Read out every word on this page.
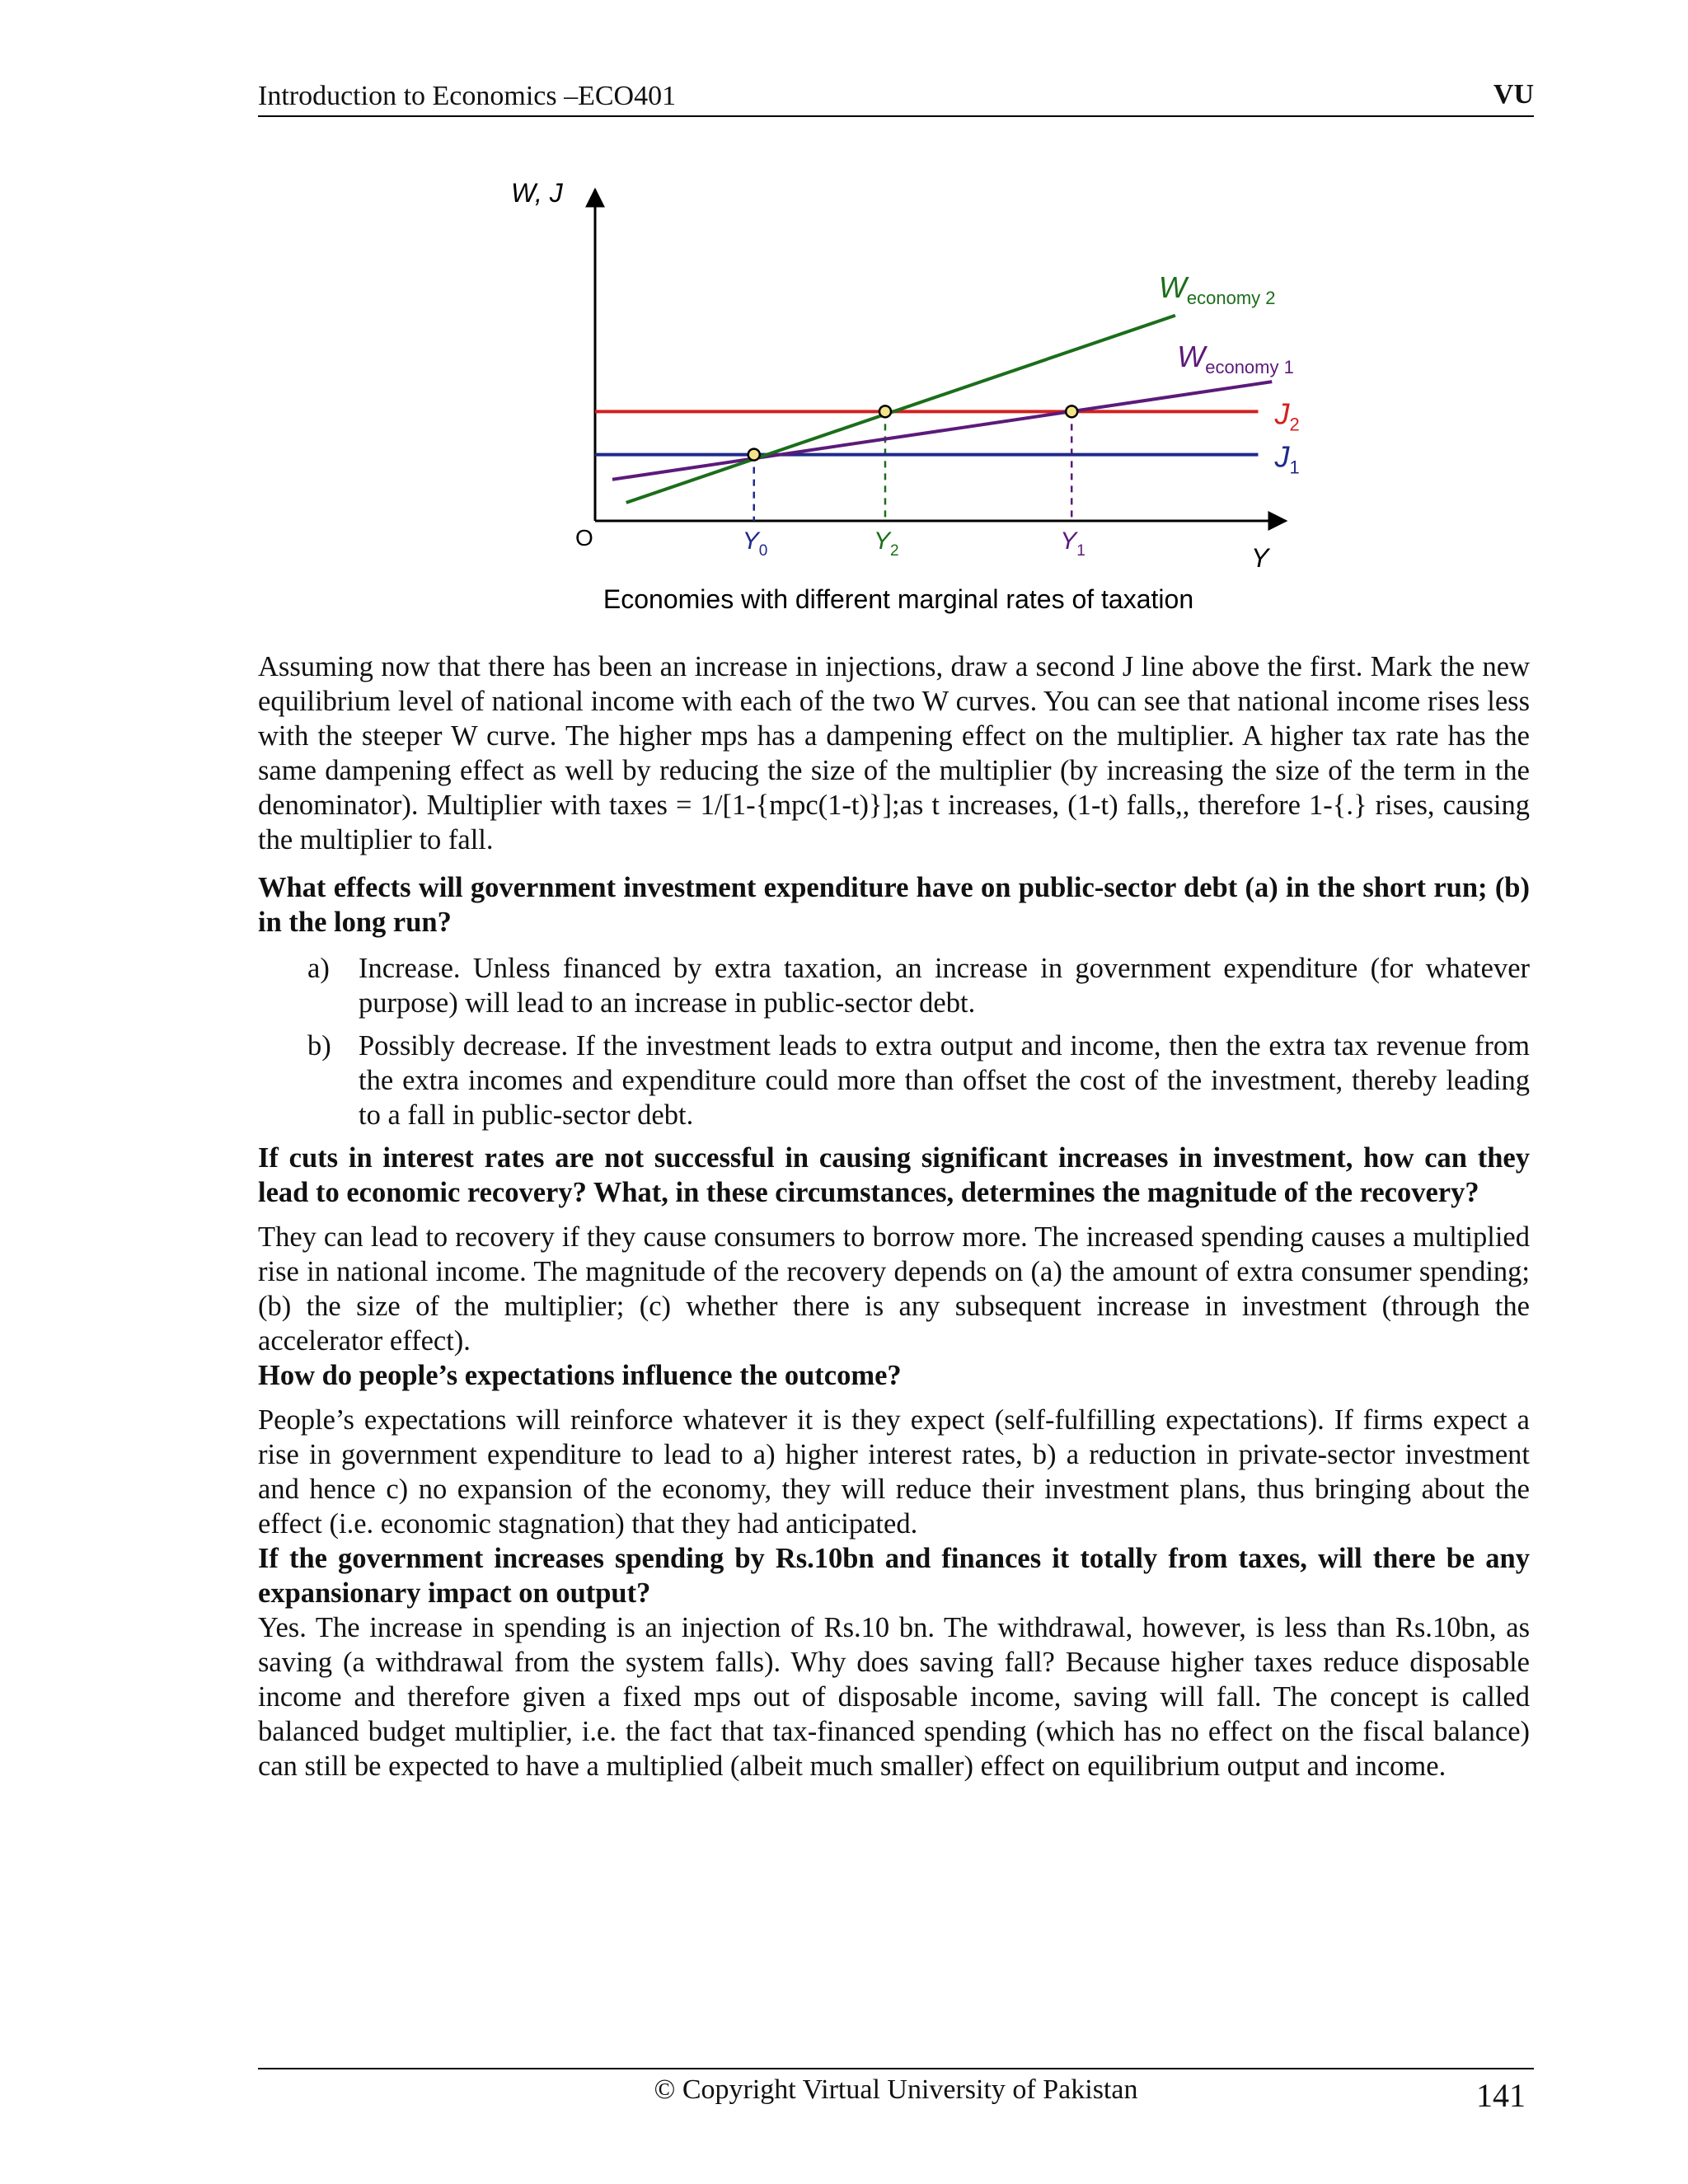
Introduction to Economics –ECO401	VU
W, J
Y
O
$J_1$
$J_2$
$W_{economy 1}$
$W_{economy 2}$
$Y_0$	$Y_2$	$Y_1$
Economies with different marginal rates of taxation

Assuming now that there has been an increase in injections, draw a second J line above the first. Mark the new equilibrium level of national income with each of the two W curves. You can see that national income rises less with the steeper W curve. The higher mps has a dampening effect on the multiplier. A higher tax rate has the same dampening effect as well by reducing the size of the multiplier (by increasing the size of the term in the denominator). Multiplier with taxes = 1/[1-{mpc(1-t)}];as t increases, (1-t) falls,, therefore 1-{.} rises, causing the multiplier to fall.

What effects will government investment expenditure have on public-sector debt (a) in the short run; (b) in the long run?

a) Increase. Unless financed by extra taxation, an increase in government expenditure (for whatever purpose) will lead to an increase in public-sector debt.
b) Possibly decrease. If the investment leads to extra output and income, then the extra tax revenue from the extra incomes and expenditure could more than offset the cost of the investment, thereby leading to a fall in public-sector debt.

If cuts in interest rates are not successful in causing significant increases in investment, how can they lead to economic recovery? What, in these circumstances, determines the magnitude of the recovery?

They can lead to recovery if they cause consumers to borrow more. The increased spending causes a multiplied rise in national income. The magnitude of the recovery depends on (a) the amount of extra consumer spending; (b) the size of the multiplier; (c) whether there is any subsequent increase in investment (through the accelerator effect).

How do people’s expectations influence the outcome?

People’s expectations will reinforce whatever it is they expect (self-fulfilling expectations). If firms expect a rise in government expenditure to lead to a) higher interest rates, b) a reduction in private-sector investment and hence c) no expansion of the economy, they will reduce their investment plans, thus bringing about the effect (i.e. economic stagnation) that they had anticipated.

If the government increases spending by Rs.10bn and finances it totally from taxes, will there be any expansionary impact on output?

Yes. The increase in spending is an injection of Rs.10 bn. The withdrawal, however, is less than Rs.10bn, as saving (a withdrawal from the system falls). Why does saving fall? Because higher taxes reduce disposable income and therefore given a fixed mps out of disposable income, saving will fall. The concept is called balanced budget multiplier, i.e. the fact that tax-financed spending (which has no effect on the fiscal balance) can still be expected to have a multiplied (albeit much smaller) effect on equilibrium output and income.

© Copyright Virtual University of Pakistan	141
